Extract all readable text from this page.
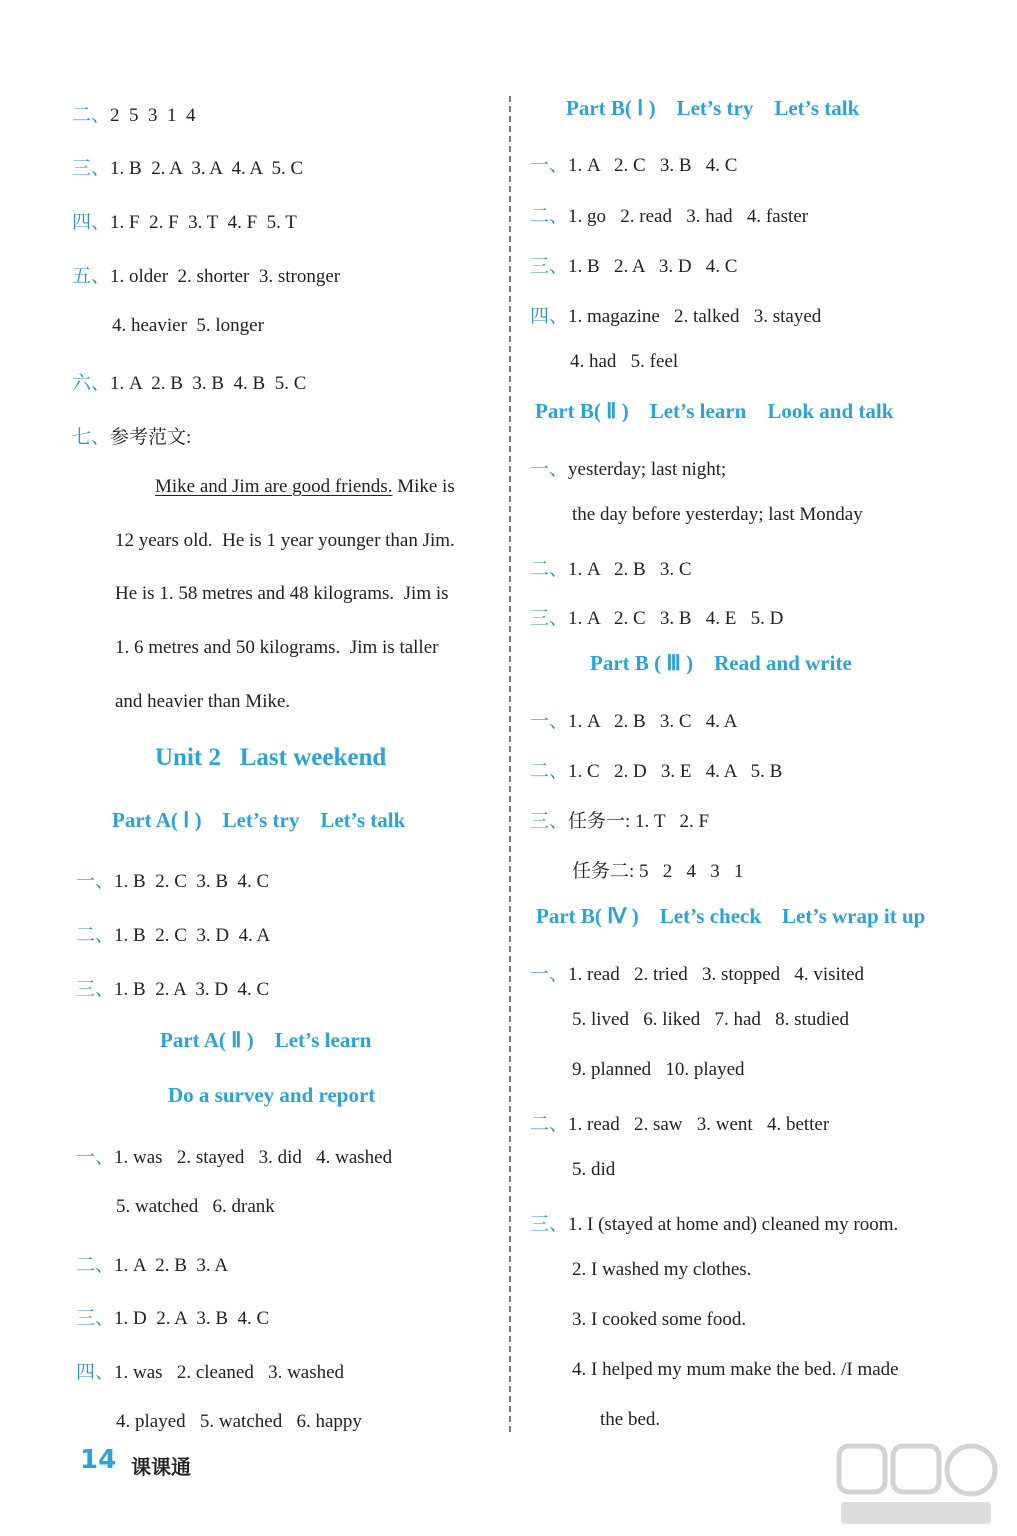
二、2  5  3  1  4
三、1. B  2. A  3. A  4. A  5. C
四、1. F  2. F  3. T  4. F  5. T
五、1. older  2. shorter  3. stronger
4. heavier  5. longer
六、1. A  2. B  3. B  4. B  5. C
七、参考范文:
Mike and Jim are good friends. Mike is
12 years old.  He is 1 year younger than Jim.
He is 1. 58 metres and 48 kilograms.  Jim is
1. 6 metres and 50 kilograms.  Jim is taller
and heavier than Mike.
Unit 2   Last weekend
Part A( Ⅰ )    Let’s try    Let’s talk
一、1. B  2. C  3. B  4. C
二、1. B  2. C  3. D  4. A
三、1. B  2. A  3. D  4. C
Part A( Ⅱ )    Let’s learn
Do a survey and report
一、1. was   2. stayed   3. did   4. washed
5. watched   6. drank
二、1. A  2. B  3. A
三、1. D  2. A  3. B  4. C
四、1. was   2. cleaned   3. washed
4. played   5. watched   6. happy
Part B( Ⅰ )    Let’s try    Let’s talk
一、1. A   2. C   3. B   4. C
二、1. go   2. read   3. had   4. faster
三、1. B   2. A   3. D   4. C
四、1. magazine   2. talked   3. stayed
4. had   5. feel
Part B( Ⅱ )    Let’s learn    Look and talk
一、yesterday; last night;
the day before yesterday; last Monday
二、1. A   2. B   3. C
三、1. A   2. C   3. B   4. E   5. D
Part B ( Ⅲ )    Read and write
一、1. A   2. B   3. C   4. A
二、1. C   2. D   3. E   4. A   5. B
三、任务一: 1. T   2. F
任务二: 5   2   4   3   1
Part B( Ⅳ )    Let’s check    Let’s wrap it up
一、1. read   2. tried   3. stopped   4. visited
5. lived   6. liked   7. had   8. studied
9. planned   10. played
二、1. read   2. saw   3. went   4. better
5. did
三、1. I (stayed at home and) cleaned my room.
2. I washed my clothes.
3. I cooked some food.
4. I helped my mum make the bed. /I made
the bed.
14 课课通
